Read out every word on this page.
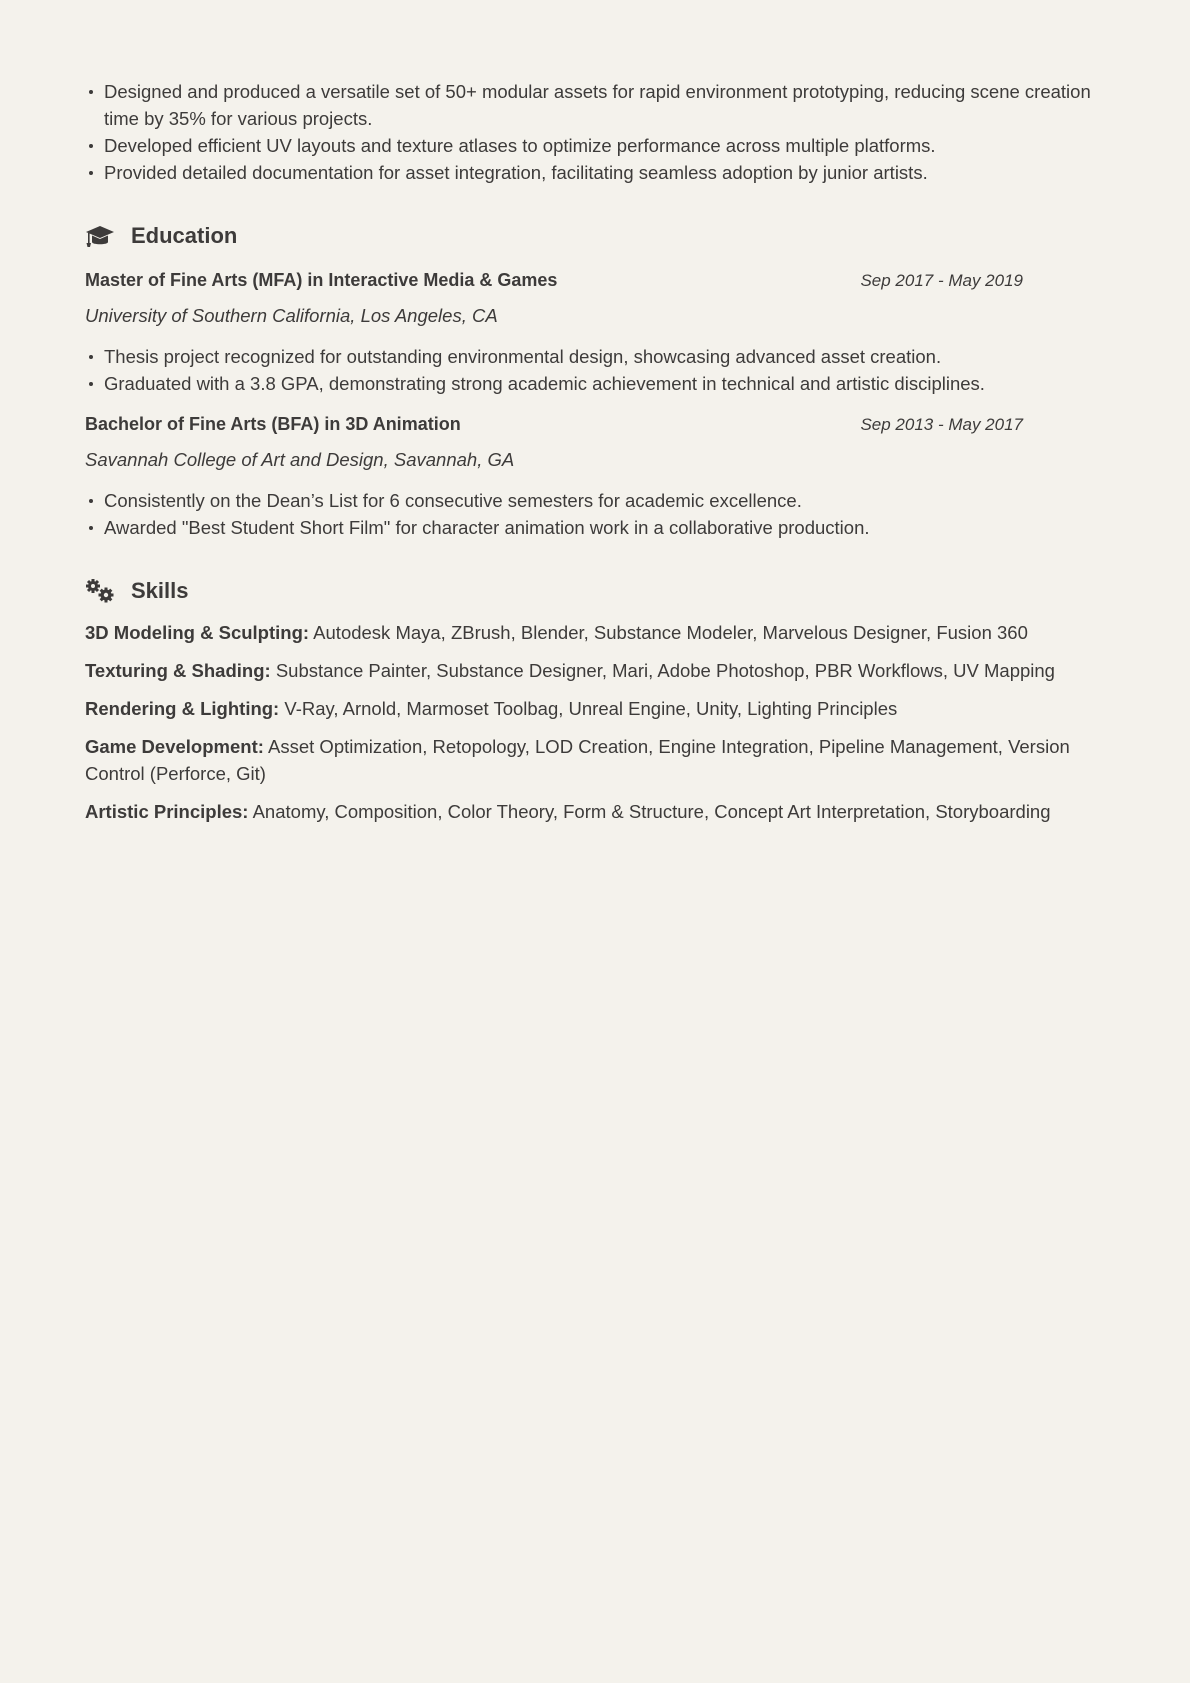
Designed and produced a versatile set of 50+ modular assets for rapid environment prototyping, reducing scene creation time by 35% for various projects.
Developed efficient UV layouts and texture atlases to optimize performance across multiple platforms.
Provided detailed documentation for asset integration, facilitating seamless adoption by junior artists.
Education
Master of Fine Arts (MFA) in Interactive Media & Games	Sep 2017 - May 2019
University of Southern California, Los Angeles, CA
Thesis project recognized for outstanding environmental design, showcasing advanced asset creation.
Graduated with a 3.8 GPA, demonstrating strong academic achievement in technical and artistic disciplines.
Bachelor of Fine Arts (BFA) in 3D Animation	Sep 2013 - May 2017
Savannah College of Art and Design, Savannah, GA
Consistently on the Dean’s List for 6 consecutive semesters for academic excellence.
Awarded "Best Student Short Film" for character animation work in a collaborative production.
Skills
3D Modeling & Sculpting: Autodesk Maya, ZBrush, Blender, Substance Modeler, Marvelous Designer, Fusion 360
Texturing & Shading: Substance Painter, Substance Designer, Mari, Adobe Photoshop, PBR Workflows, UV Mapping
Rendering & Lighting: V-Ray, Arnold, Marmoset Toolbag, Unreal Engine, Unity, Lighting Principles
Game Development: Asset Optimization, Retopology, LOD Creation, Engine Integration, Pipeline Management, Version Control (Perforce, Git)
Artistic Principles: Anatomy, Composition, Color Theory, Form & Structure, Concept Art Interpretation, Storyboarding
